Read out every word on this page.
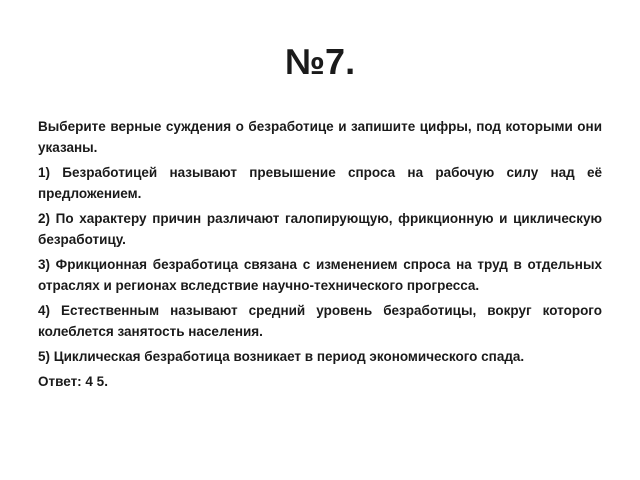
№7.

Выберите верные суждения о безработице и запишите цифры, под которыми они указаны.

1) Безработицей называют превышение спроса на рабочую силу над её предложением.

2) По характеру причин различают галопирующую, фрикционную и циклическую безработицу.

3) Фрикционная безработица связана с изменением спроса на труд в отдельных отраслях и регионах вследствие научно-технического прогресса.

4) Естественным называют средний уровень безработицы, вокруг которого колеблется занятость населения.

5) Циклическая безработица возникает в период экономического спада.

Ответ: 4 5.
